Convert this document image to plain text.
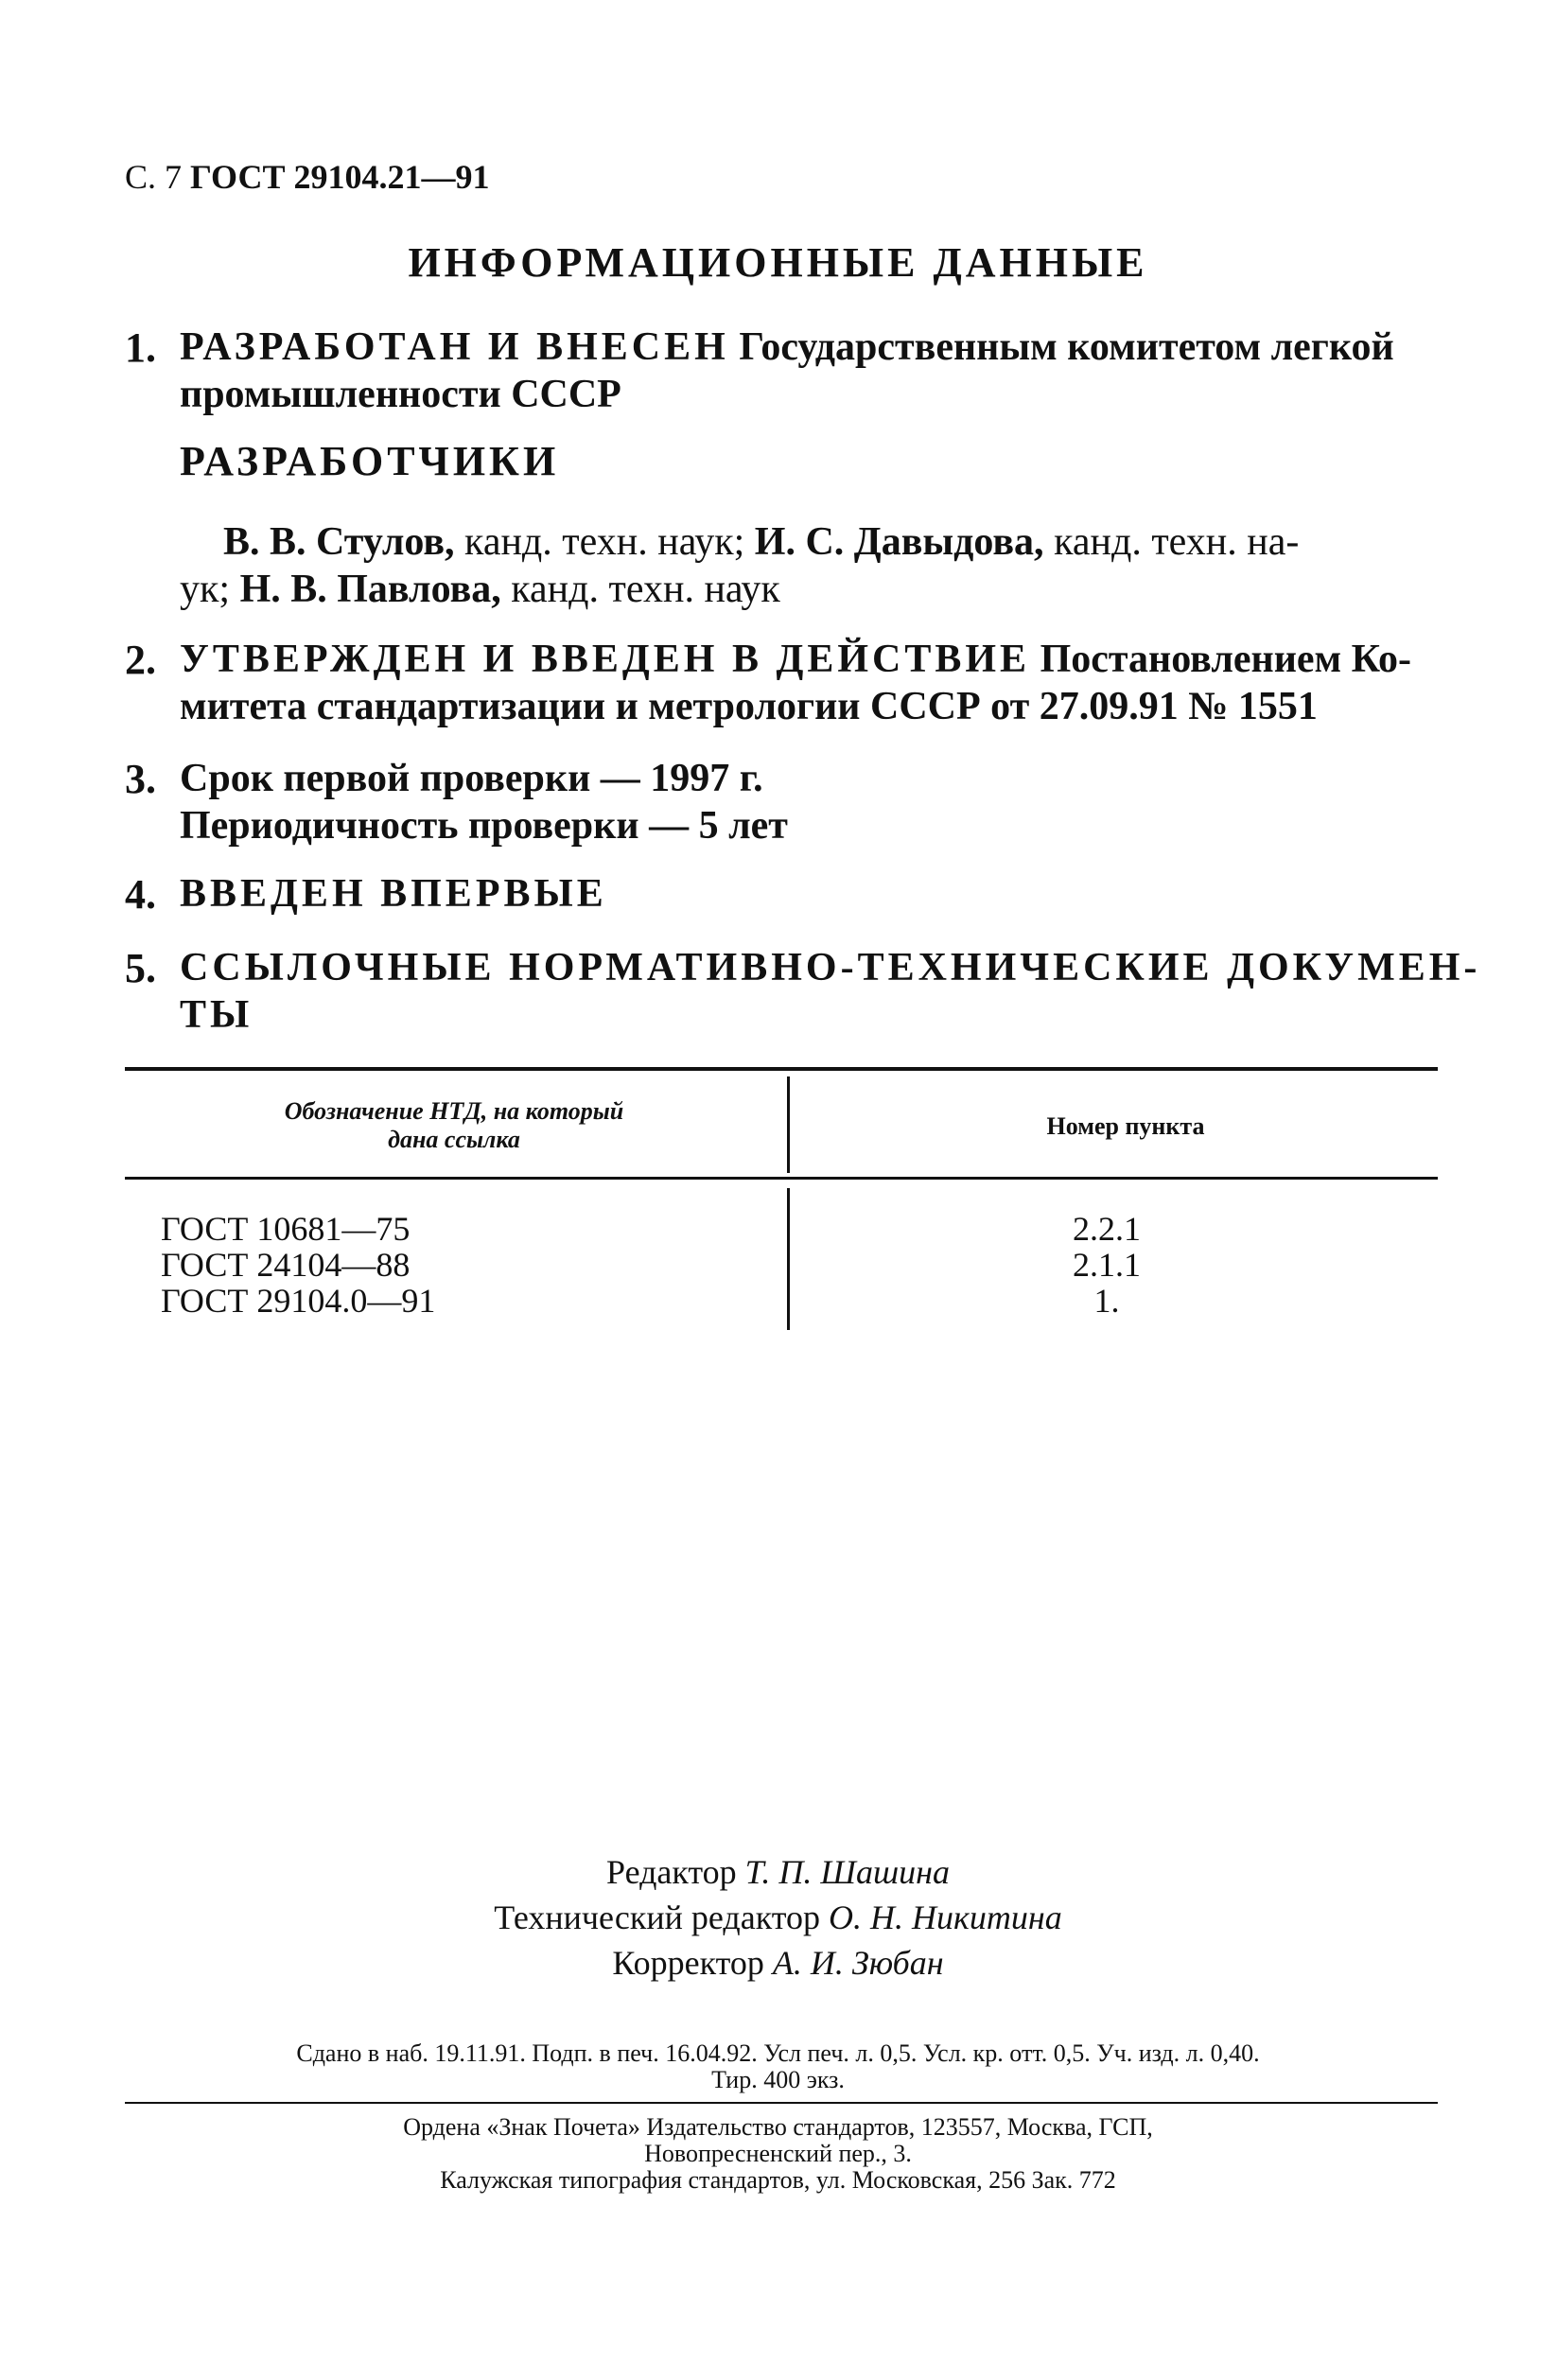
С. 7 ГОСТ 29104.21—91
ИНФОРМАЦИОННЫЕ ДАННЫЕ
1. РАЗРАБОТАН И ВНЕСЕН Государственным комитетом легкой
промышленности СССР
РАЗРАБОТЧИКИ
В. В. Стулов, канд. техн. наук; И. С. Давыдова, канд. техн. на-
ук; Н. В. Павлова, канд. техн. наук
2. УТВЕРЖДЕН И ВВЕДЕН В ДЕЙСТВИЕ Постановлением Ко-
митета стандартизации и метрологии СССР от 27.09.91 № 1551
3. Срок первой проверки — 1997 г.
Периодичность проверки — 5 лет
4. ВВЕДЕН ВПЕРВЫЕ
5. ССЫЛОЧНЫЕ НОРМАТИВНО-ТЕХНИЧЕСКИЕ ДОКУМЕН-
ТЫ
Обозначение НТД, на который
дана ссылка	Номер пункта
ГОСТ 10681—75	2.2.1
ГОСТ 24104—88	2.1.1
ГОСТ 29104.0—91	1.
Редактор Т. П. Шашина
Технический редактор О. Н. Никитина
Корректор А. И. Зюбан
Сдано в наб. 19.11.91. Подп. в печ. 16.04.92. Усл печ. л. 0,5. Усл. кр. отт. 0,5. Уч. изд. л. 0,40.
Тир. 400 экз.
Ордена «Знак Почета» Издательство стандартов, 123557, Москва, ГСП,
Новопресненский пер., 3.
Калужская типография стандартов, ул. Московская, 256 Зак. 772
